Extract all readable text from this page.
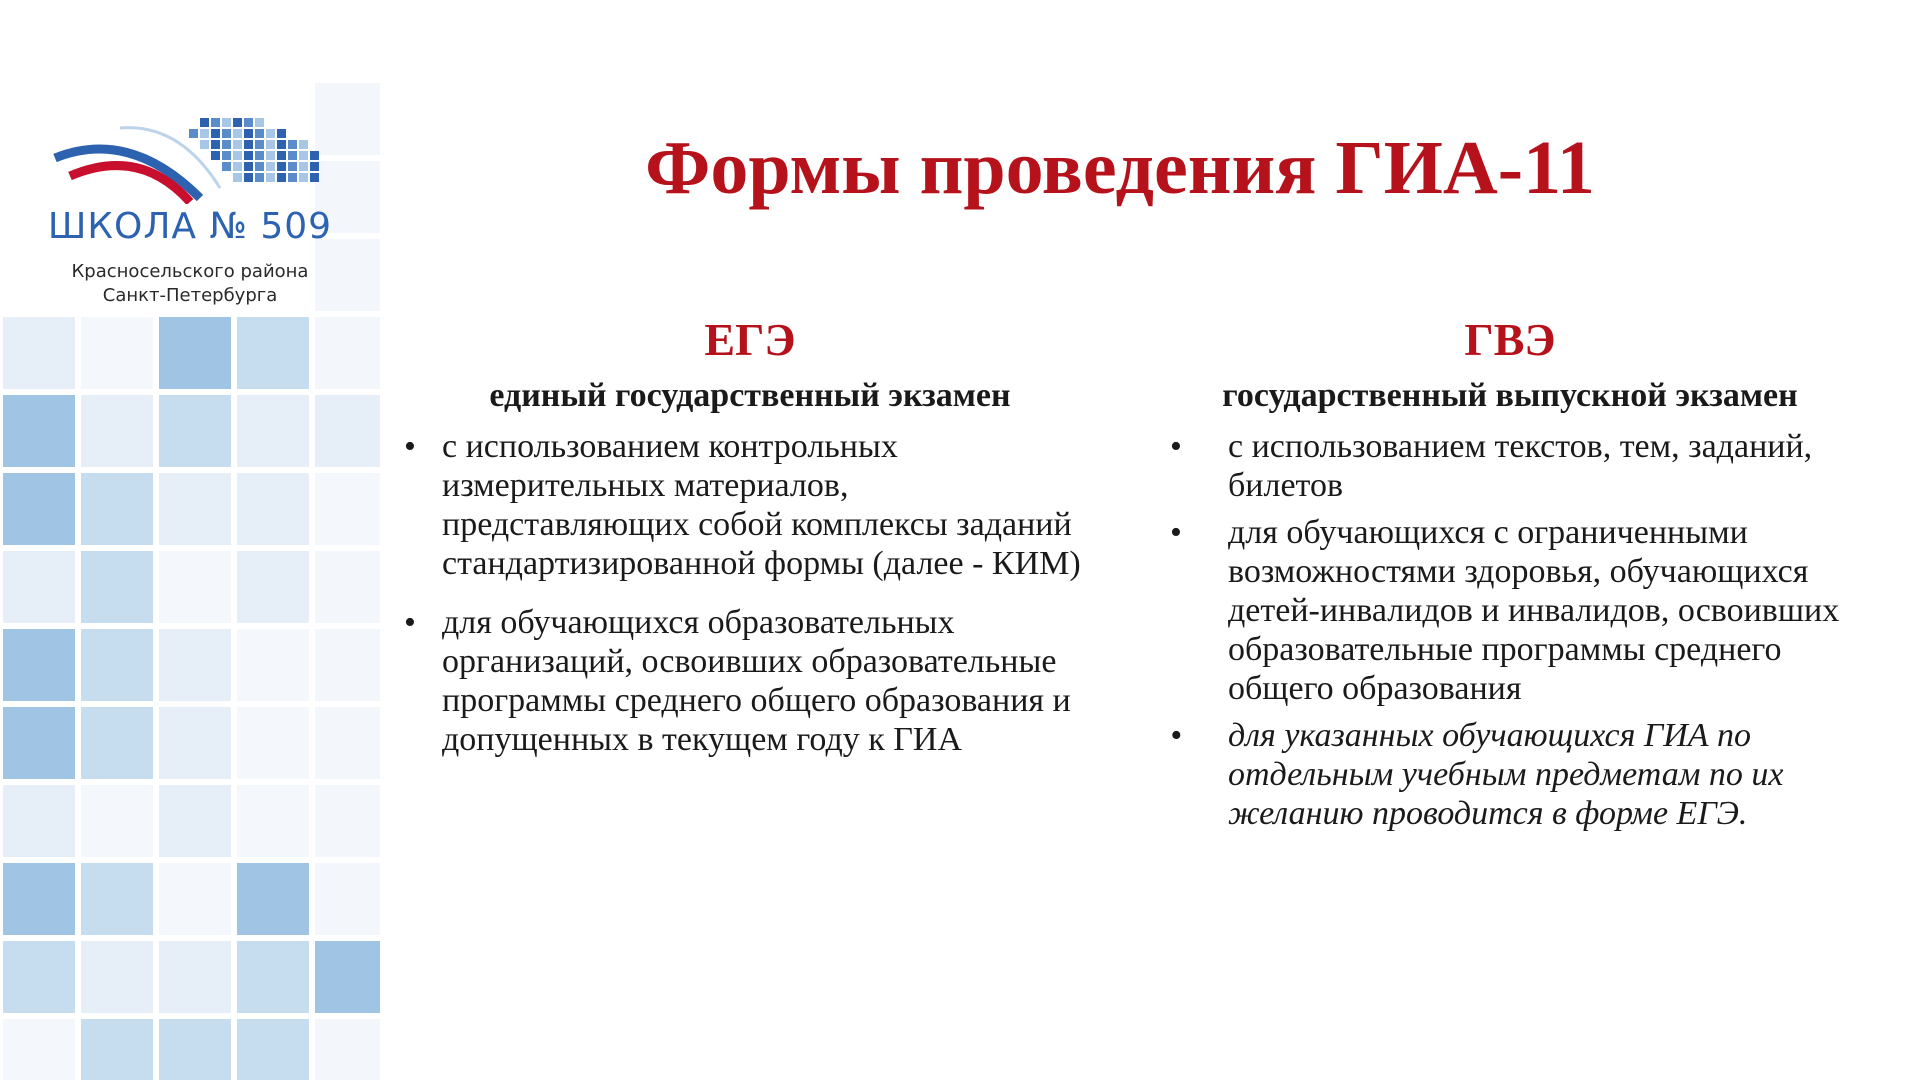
ШКОЛА № 509
Красносельского района
Санкт-Петербурга
Формы проведения ГИА-11
ЕГЭ
единый государственный экзамен
• с использованием контрольных измерительных материалов, представляющих собой комплексы заданий стандартизированной формы (далее - КИМ)
• для обучающихся образовательных организаций, освоивших образовательные программы среднего общего образования и допущенных в текущем году к ГИА
ГВЭ
государственный выпускной экзамен
• с использованием текстов, тем, заданий, билетов
• для обучающихся с ограниченными возможностями здоровья, обучающихся детей-инвалидов и инвалидов, освоивших образовательные программы среднего общего образования
• для указанных обучающихся ГИА по отдельным учебным предметам по их желанию проводится в форме ЕГЭ.
